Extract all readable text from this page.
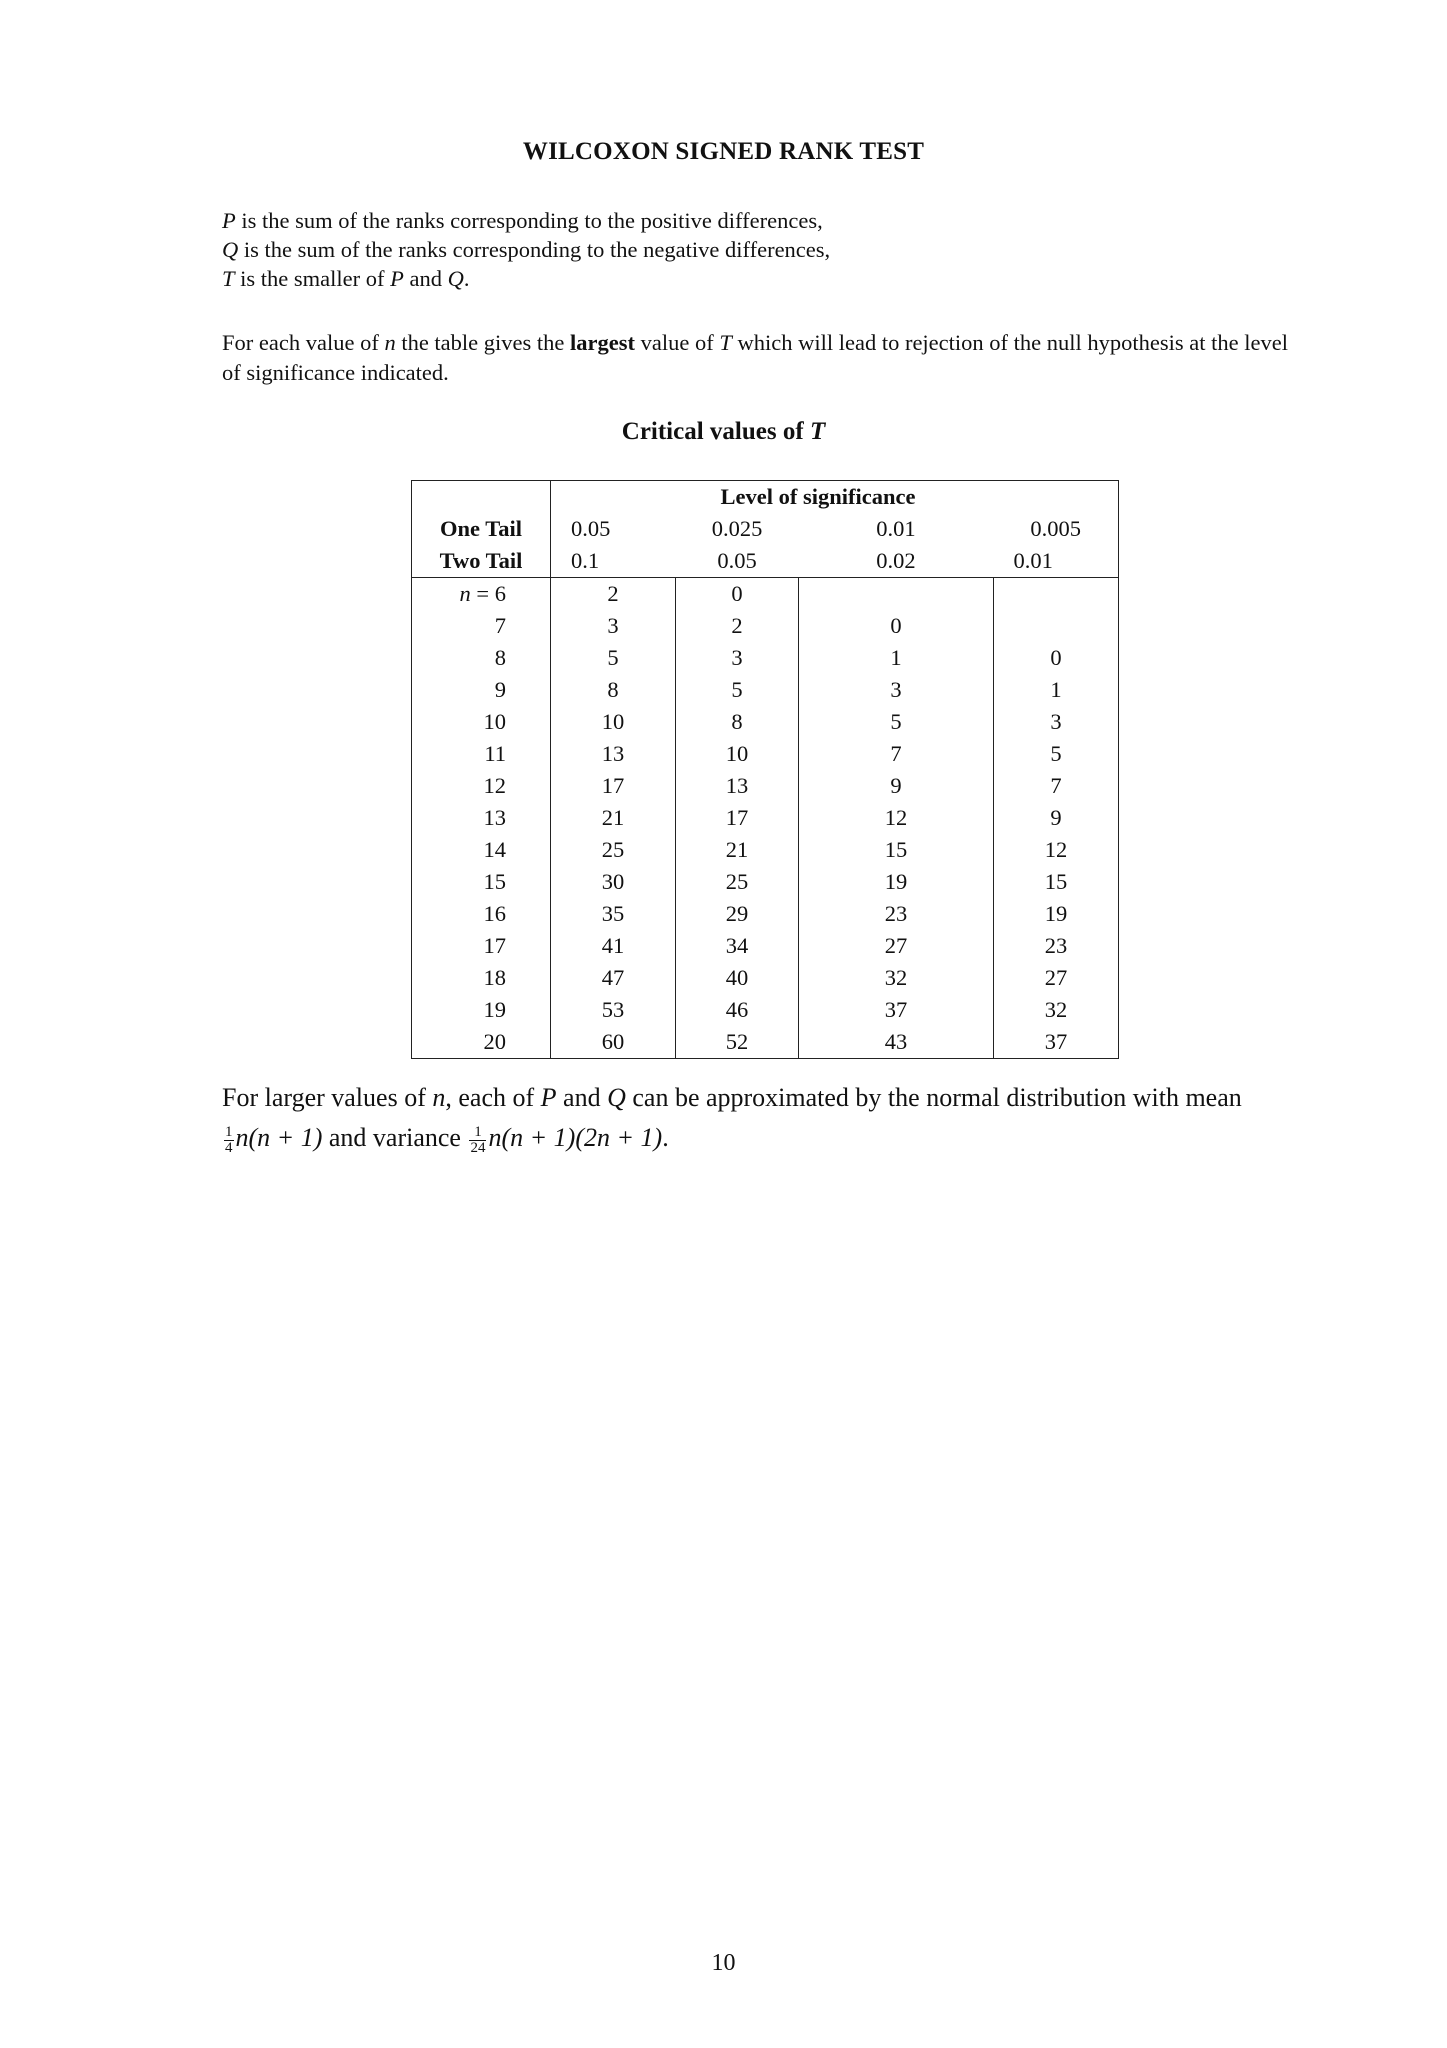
WILCOXON SIGNED RANK TEST
P is the sum of the ranks corresponding to the positive differences,
Q is the sum of the ranks corresponding to the negative differences,
T is the smaller of P and Q.
For each value of n the table gives the largest value of T which will lead to rejection of the null hypothesis at the level of significance indicated.
Critical values of T
			Level of significance	
One Tail	0.05	0.025	0.01	0.005
Two Tail	0.1	0.05	0.02	0.01
n = 6	2	0		
7	3	2	0	
8	5	3	1	0
9	8	5	3	1
10	10	8	5	3
11	13	10	7	5
12	17	13	9	7
13	21	17	12	9
14	25	21	15	12
15	30	25	19	15
16	35	29	23	19
17	41	34	27	23
18	47	40	32	27
19	53	46	37	32
20	60	52	43	37
For larger values of n, each of P and Q can be approximated by the normal distribution with mean
$\frac{1}{4} n(n + 1)$ and variance $\frac{1}{24} n(n + 1)(2n + 1)$.
10
